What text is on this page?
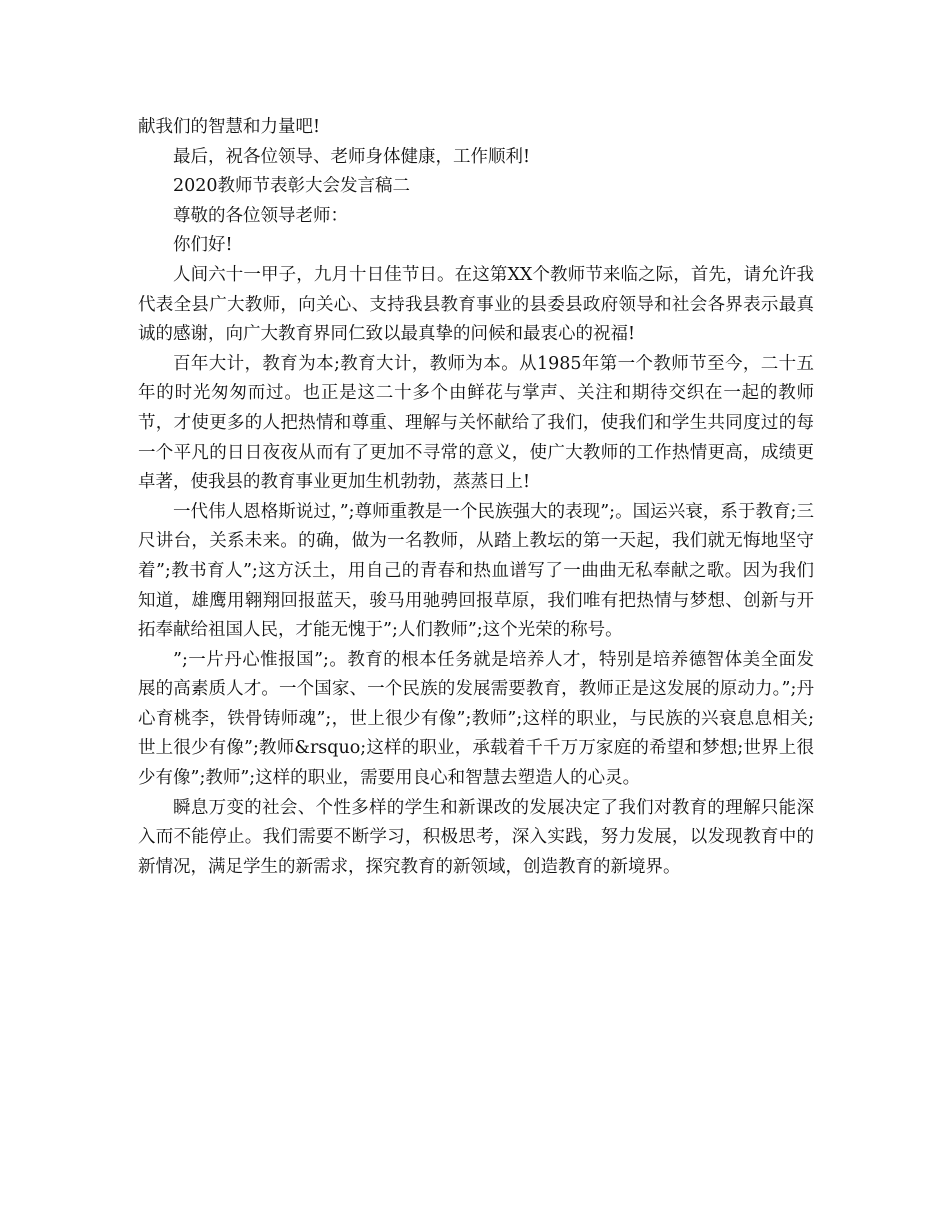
献我们的智慧和力量吧!

最后，祝各位领导、老师身体健康，工作顺利!

2020教师节表彰大会发言稿二

尊敬的各位领导老师：

你们好!

人间六十一甲子，九月十日佳节日。在这第XX个教师节来临之际，首先，请允许我代表全县广大教师，向关心、支持我县教育事业的县委县政府领导和社会各界表示最真诚的感谢，向广大教育界同仁致以最真挚的问候和最衷心的祝福!

百年大计，教育为本;教育大计，教师为本。从1985年第一个教师节至今，二十五年的时光匆匆而过。也正是这二十多个由鲜花与掌声、关注和期待交织在一起的教师节，才使更多的人把热情和尊重、理解与关怀献给了我们，使我们和学生共同度过的每一个平凡的日日夜夜从而有了更加不寻常的意义，使广大教师的工作热情更高，成绩更卓著，使我县的教育事业更加生机勃勃，蒸蒸日上!

一代伟人恩格斯说过，”;尊师重教是一个民族强大的表现”;。国运兴衰，系于教育;三尺讲台，关系未来。的确，做为一名教师，从踏上教坛的第一天起，我们就无悔地坚守着”;教书育人”;这方沃土，用自己的青春和热血谱写了一曲曲无私奉献之歌。因为我们知道，雄鹰用翱翔回报蓝天，骏马用驰骋回报草原，我们唯有把热情与梦想、创新与开拓奉献给祖国人民，才能无愧于”;人们教师”;这个光荣的称号。

”;一片丹心惟报国”;。教育的根本任务就是培养人才，特别是培养德智体美全面发展的高素质人才。一个国家、一个民族的发展需要教育，教师正是这发展的原动力。”;丹心育桃李，铁骨铸师魂”;，世上很少有像”;教师”;这样的职业，与民族的兴衰息息相关;世上很少有像”;教师&rsquo;这样的职业，承载着千千万万家庭的希望和梦想;世界上很少有像”;教师”;这样的职业，需要用良心和智慧去塑造人的心灵。

瞬息万变的社会、个性多样的学生和新课改的发展决定了我们对教育的理解只能深入而不能停止。我们需要不断学习，积极思考，深入实践，努力发展，以发现教育中的新情况，满足学生的新需求，探究教育的新领域，创造教育的新境界。
